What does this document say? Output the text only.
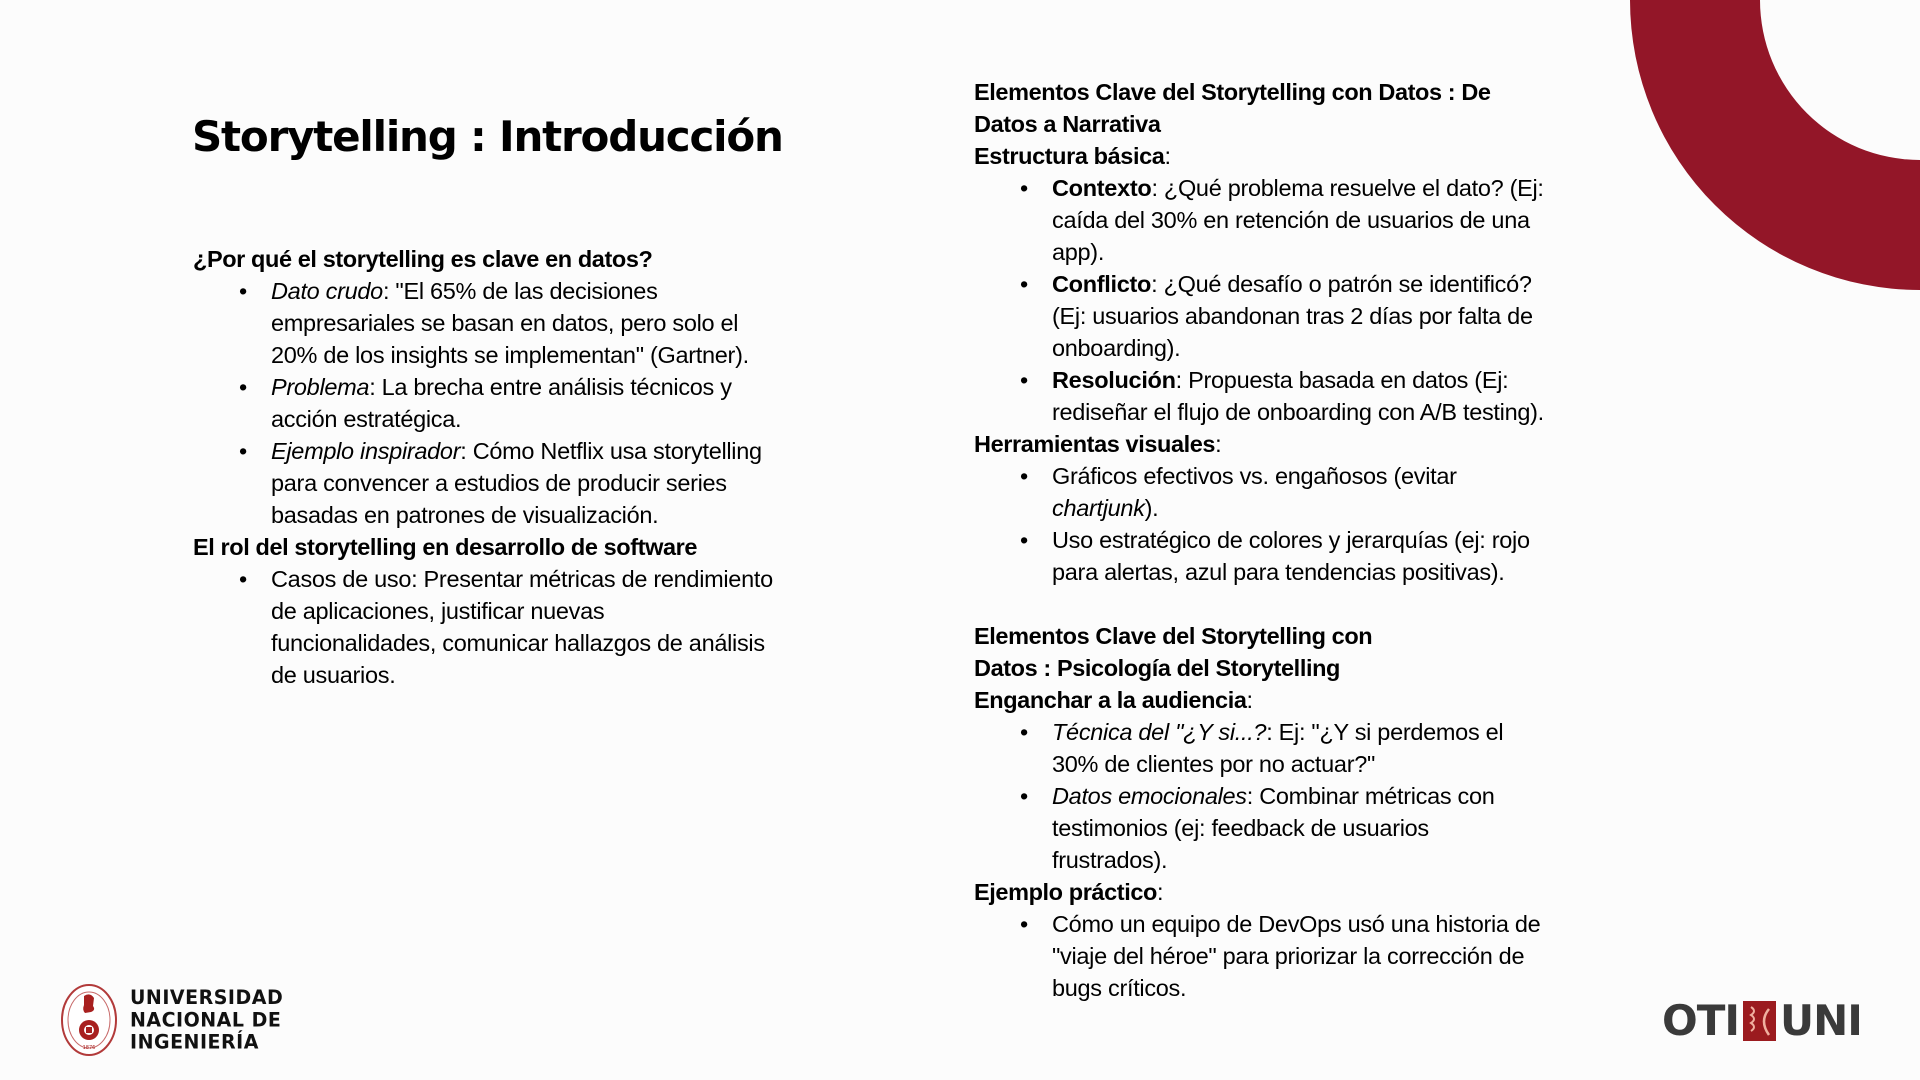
Storytelling : Introducción
¿Por qué el storytelling es clave en datos?
• Dato crudo: "El 65% de las decisiones empresariales se basan en datos, pero solo el 20% de los insights se implementan" (Gartner).
• Problema: La brecha entre análisis técnicos y acción estratégica.
• Ejemplo inspirador: Cómo Netflix usa storytelling para convencer a estudios de producir series basadas en patrones de visualización.
El rol del storytelling en desarrollo de software
• Casos de uso: Presentar métricas de rendimiento de aplicaciones, justificar nuevas funcionalidades, comunicar hallazgos de análisis de usuarios.
Elementos Clave del Storytelling con Datos : De Datos a Narrativa
Estructura básica:
• Contexto: ¿Qué problema resuelve el dato? (Ej: caída del 30% en retención de usuarios de una app).
• Conflicto: ¿Qué desafío o patrón se identificó? (Ej: usuarios abandonan tras 2 días por falta de onboarding).
• Resolución: Propuesta basada en datos (Ej: rediseñar el flujo de onboarding con A/B testing).
Herramientas visuales:
• Gráficos efectivos vs. engañosos (evitar chartjunk).
• Uso estratégico de colores y jerarquías (ej: rojo para alertas, azul para tendencias positivas).
Elementos Clave del Storytelling con Datos : Psicología del Storytelling
Enganchar a la audiencia:
• Técnica del "¿Y si...?: Ej: "¿Y si perdemos el 30% de clientes por no actuar?"
• Datos emocionales: Combinar métricas con testimonios (ej: feedback de usuarios frustrados).
Ejemplo práctico:
• Cómo un equipo de DevOps usó una historia de "viaje del héroe" para priorizar la corrección de bugs críticos.
1876
UNIVERSIDAD
NACIONAL DE
INGENIERÍA	OTI UNI
